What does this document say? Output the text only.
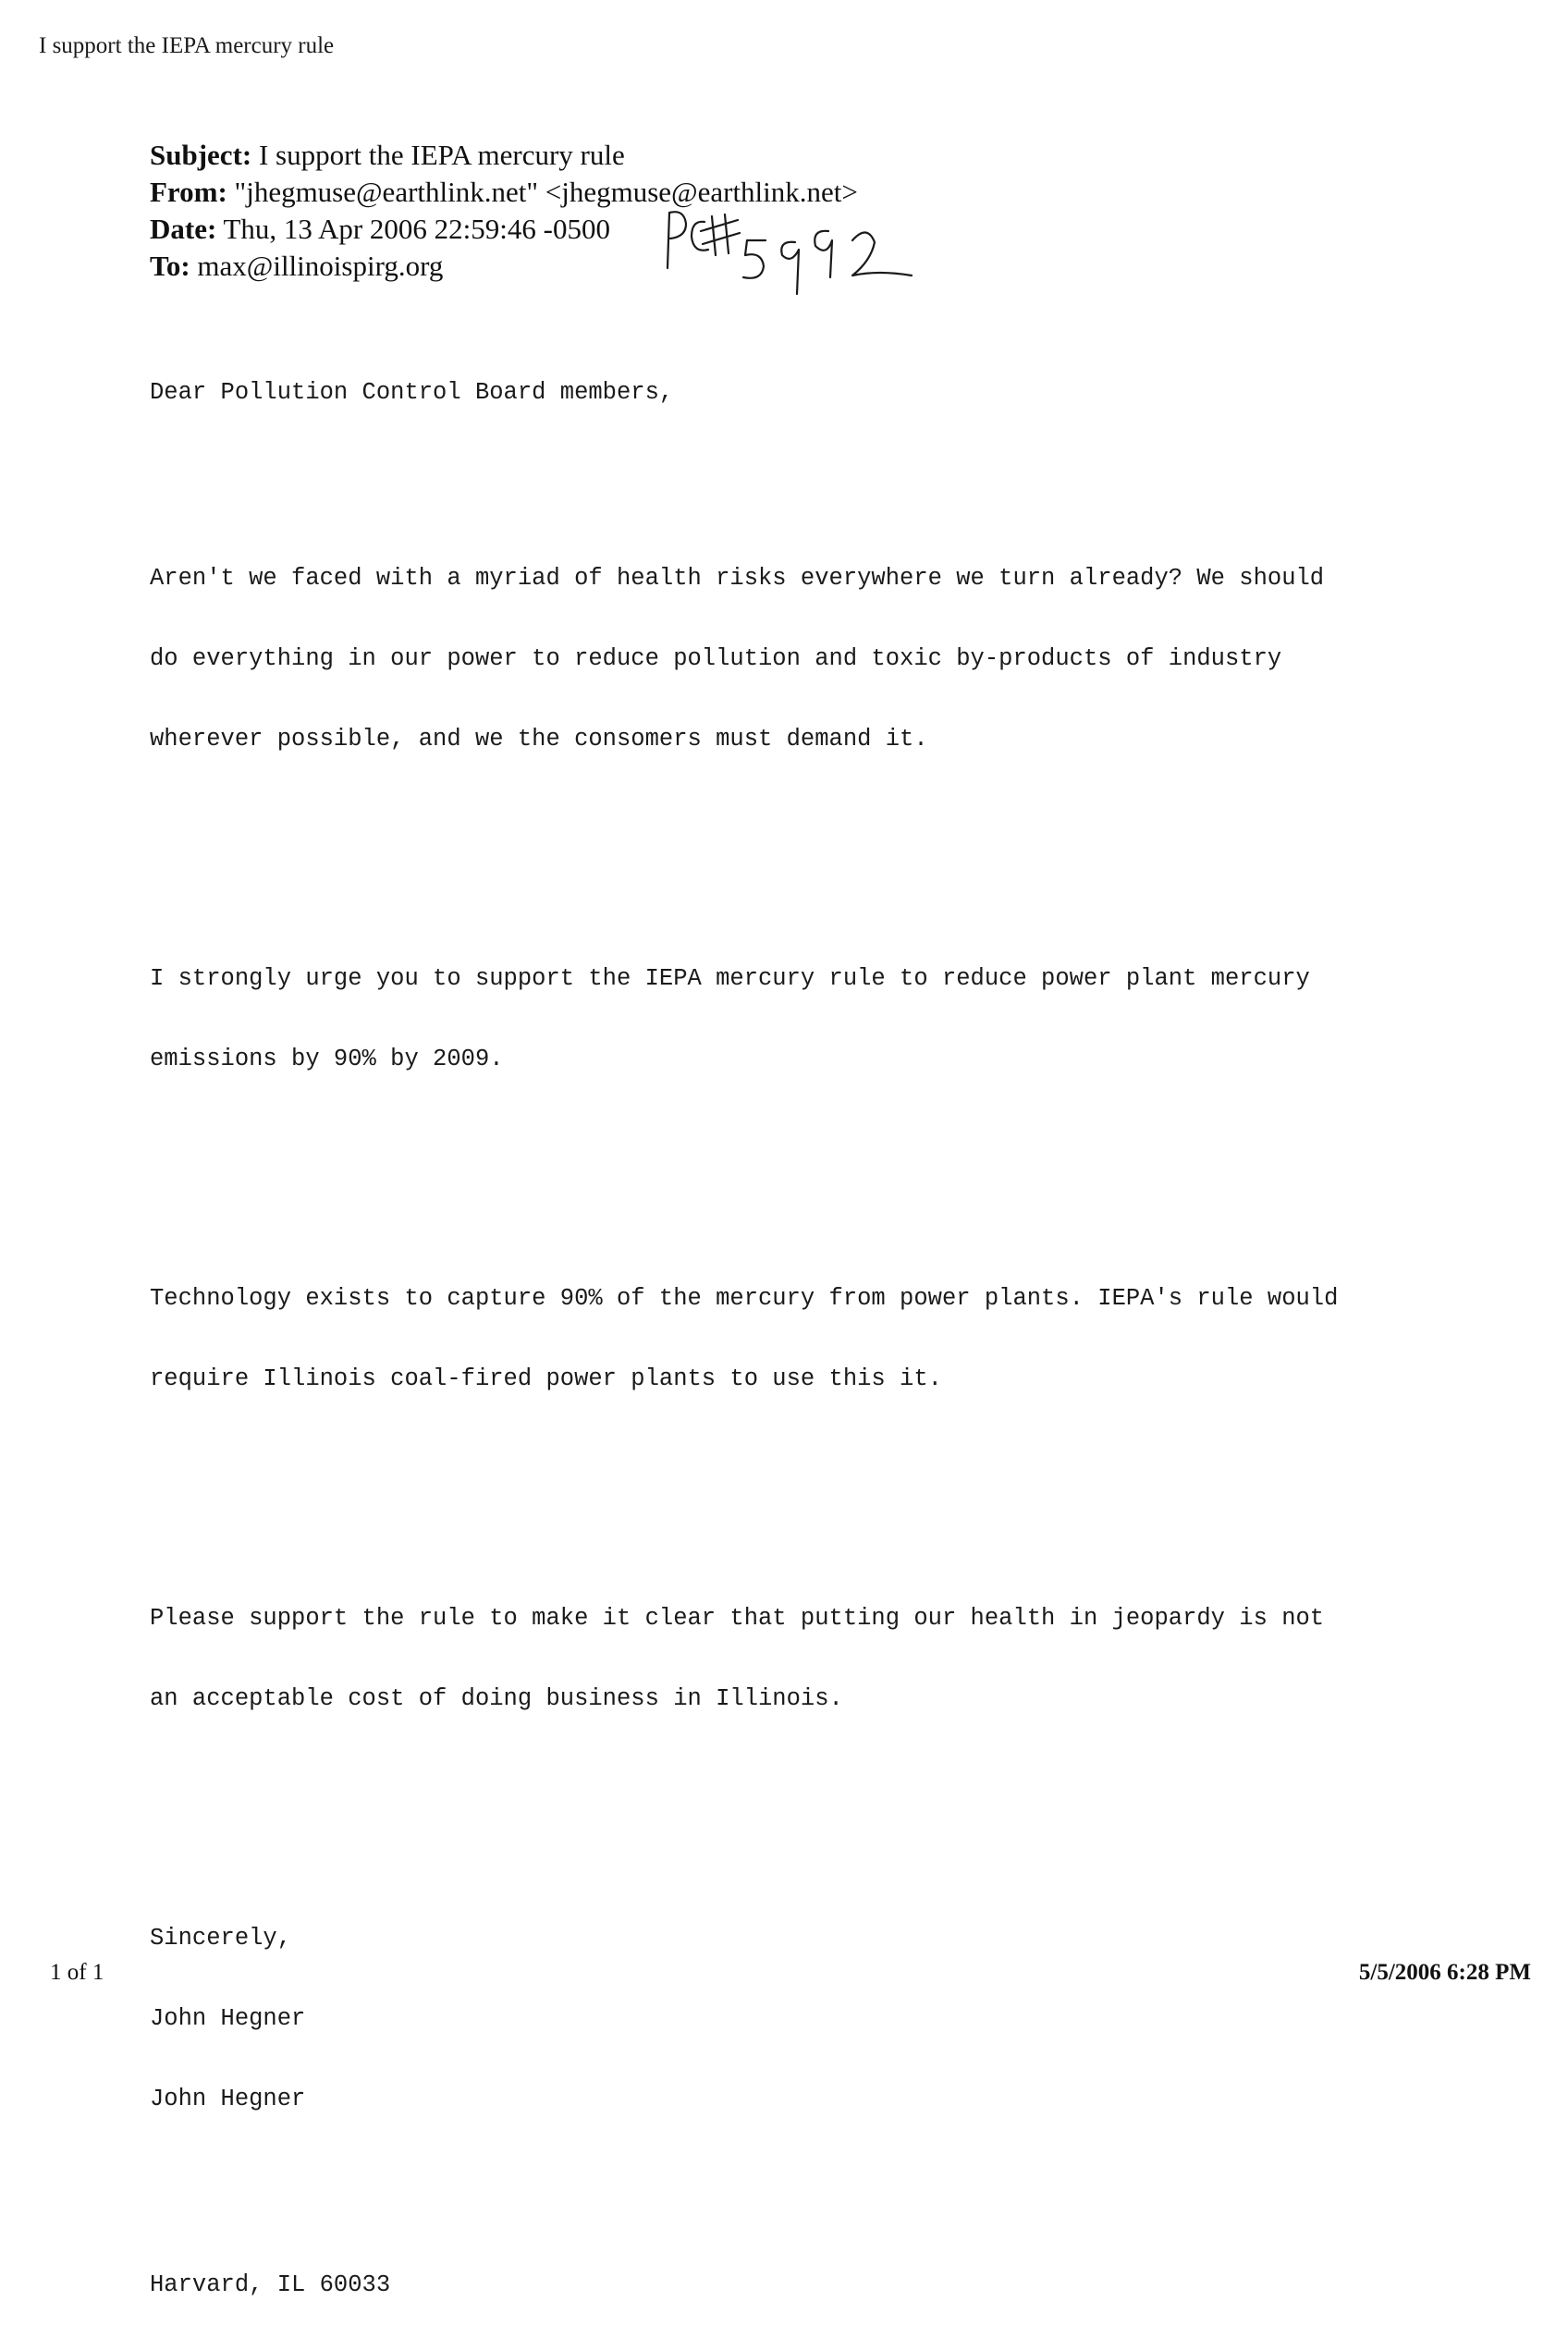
I support the IEPA mercury rule
Subject: I support the IEPA mercury rule
From: "jhegmuse@earthlink.net" <jhegmuse@earthlink.net>
Date: Thu, 13 Apr 2006 22:59:46 -0500
To: max@illinoispirg.org

Dear Pollution Control Board members,

Aren't we faced with a myriad of health risks everywhere we turn already? We should

do everything in our power to reduce pollution and toxic by-products of industry

wherever possible, and we the consomers must demand it.

I strongly urge you to support the IEPA mercury rule to reduce power plant mercury

emissions by 90% by 2009.

Technology exists to capture 90% of the mercury from power plants. IEPA's rule would

require Illinois coal-fired power plants to use this it.

Please support the rule to make it clear that putting our health in jeopardy is not

an acceptable cost of doing business in Illinois.

Sincerely,

John Hegner

John Hegner

Harvard, IL 60033

1 of 1	5/5/2006 6:28 PM
